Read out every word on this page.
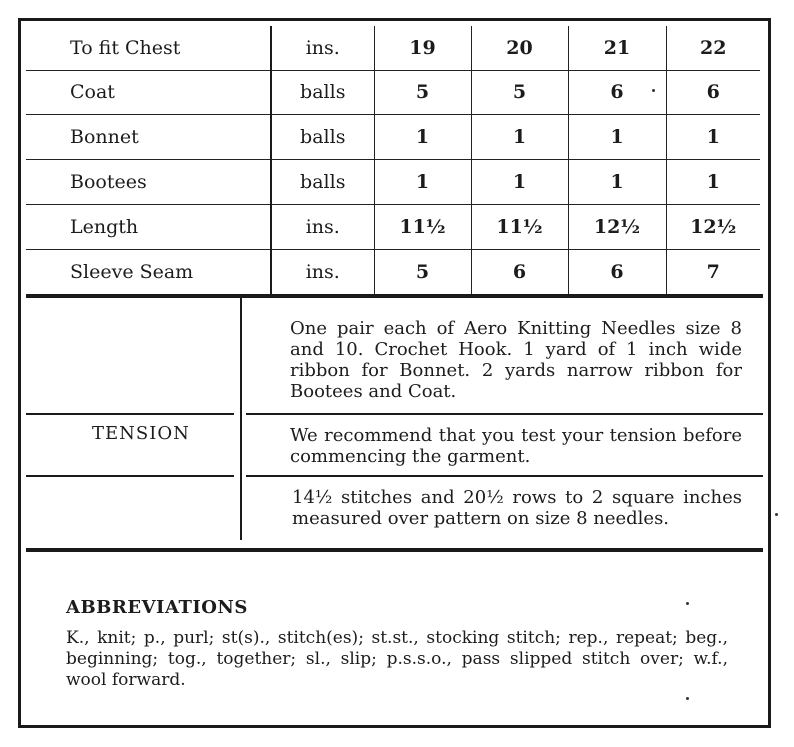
To fit Chest	ins.	19	20	21	22
Coat	balls	5	5	6	6
Bonnet	balls	1	1	1	1
Bootees	balls	1	1	1	1
Length	ins.	11½	11½	12½	12½
Sleeve Seam	ins.	5	6	6	7
One pair each of Aero Knitting Needles size 8 and 10. Crochet Hook. 1 yard of 1 inch wide ribbon for Bonnet. 2 yards narrow ribbon for Bootees and Coat.
TENSION	We recommend that you test your tension before commencing the garment.
14½ stitches and 20½ rows to 2 square inches measured over pattern on size 8 needles.
ABBREVIATIONS
K., knit; p., purl; st(s)., stitch(es); st.st., stocking stitch; rep., repeat; beg., beginning; tog., together; sl., slip; p.s.s.o., pass slipped stitch over; w.f., wool forward.
